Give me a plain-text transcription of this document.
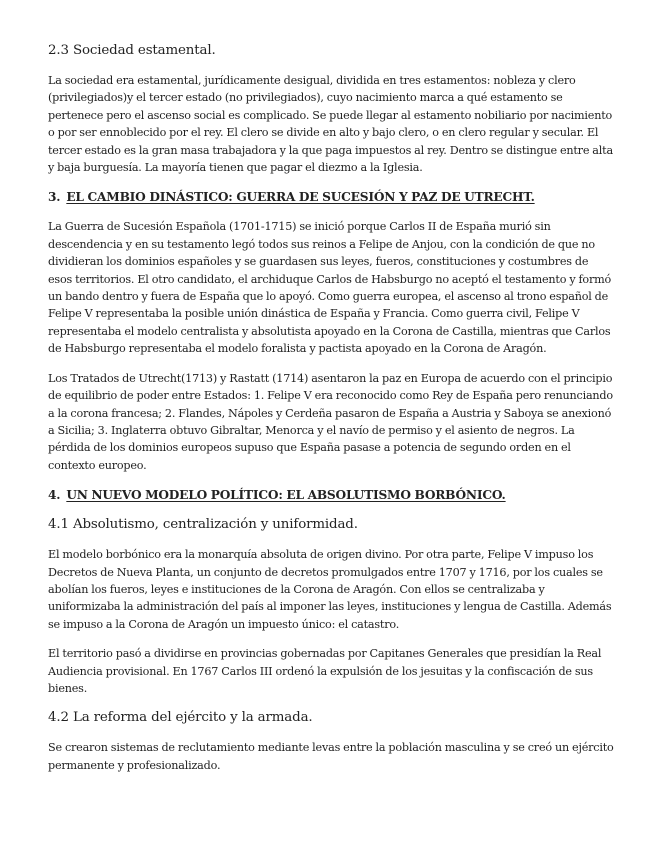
2.3 Sociedad estamental.

La sociedad era estamental, jurídicamente desigual, dividida en tres estamentos: nobleza y clero (privilegiados)y el tercer estado (no privilegiados), cuyo nacimiento marca a qué estamento se pertenece pero el ascenso social es complicado. Se puede llegar al estamento nobiliario por nacimiento o por ser ennoblecido por el rey. El clero se divide en alto y bajo clero, o en clero regular y secular. El tercer estado es la gran masa trabajadora y la que paga impuestos al rey. Dentro se distingue entre alta y baja burguesía. La mayoría tienen que pagar el diezmo a la Iglesia.

3. EL CAMBIO DINÁSTICO: GUERRA DE SUCESIÓN Y PAZ DE UTRECHT.

La Guerra de Sucesión Española (1701-1715) se inició porque Carlos II de España murió sin descendencia y en su testamento legó todos sus reinos a Felipe de Anjou, con la condición de que no dividieran los dominios españoles y se guardasen sus leyes, fueros, constituciones y costumbres de esos territorios. El otro candidato, el archiduque Carlos de Habsburgo no aceptó el testamento y formó un bando dentro y fuera de España que lo apoyó. Como guerra europea, el ascenso al trono español de Felipe V representaba la posible unión dinástica de España y Francia. Como guerra civil, Felipe V representaba el modelo centralista y absolutista apoyado en la Corona de Castilla, mientras que Carlos de Habsburgo representaba el modelo foralista y pactista apoyado en la Corona de Aragón.

Los Tratados de Utrecht(1713) y Rastatt (1714) asentaron la paz en Europa de acuerdo con el principio de equilibrio de poder entre Estados: 1. Felipe V era reconocido como Rey de España pero renunciando a la corona francesa; 2. Flandes, Nápoles y Cerdeña pasaron de España a Austria y Saboya se anexionó a Sicilia; 3. Inglaterra obtuvo Gibraltar, Menorca y el navío de permiso y el asiento de negros. La pérdida de los dominios europeos supuso que España pasase a potencia de segundo orden en el contexto europeo.

4. UN NUEVO MODELO POLÍTICO: EL ABSOLUTISMO BORBÓNICO.
4.1 Absolutismo, centralización y uniformidad.

El modelo borbónico era la monarquía absoluta de origen divino. Por otra parte, Felipe V impuso los Decretos de Nueva Planta, un conjunto de decretos promulgados entre 1707 y 1716, por los cuales se abolían los fueros, leyes e instituciones de la Corona de Aragón. Con ellos se centralizaba y uniformizaba la administración del país al imponer las leyes, instituciones y lengua de Castilla. Además se impuso a la Corona de Aragón un impuesto único: el catastro.

El territorio pasó a dividirse en provincias gobernadas por Capitanes Generales que presidían la Real Audiencia provisional. En 1767 Carlos III ordenó la expulsión de los jesuitas y la confiscación de sus bienes.

4.2 La reforma del ejército y la armada.

Se crearon sistemas de reclutamiento mediante levas entre la población masculina y se creó un ejército permanente y profesionalizado.
